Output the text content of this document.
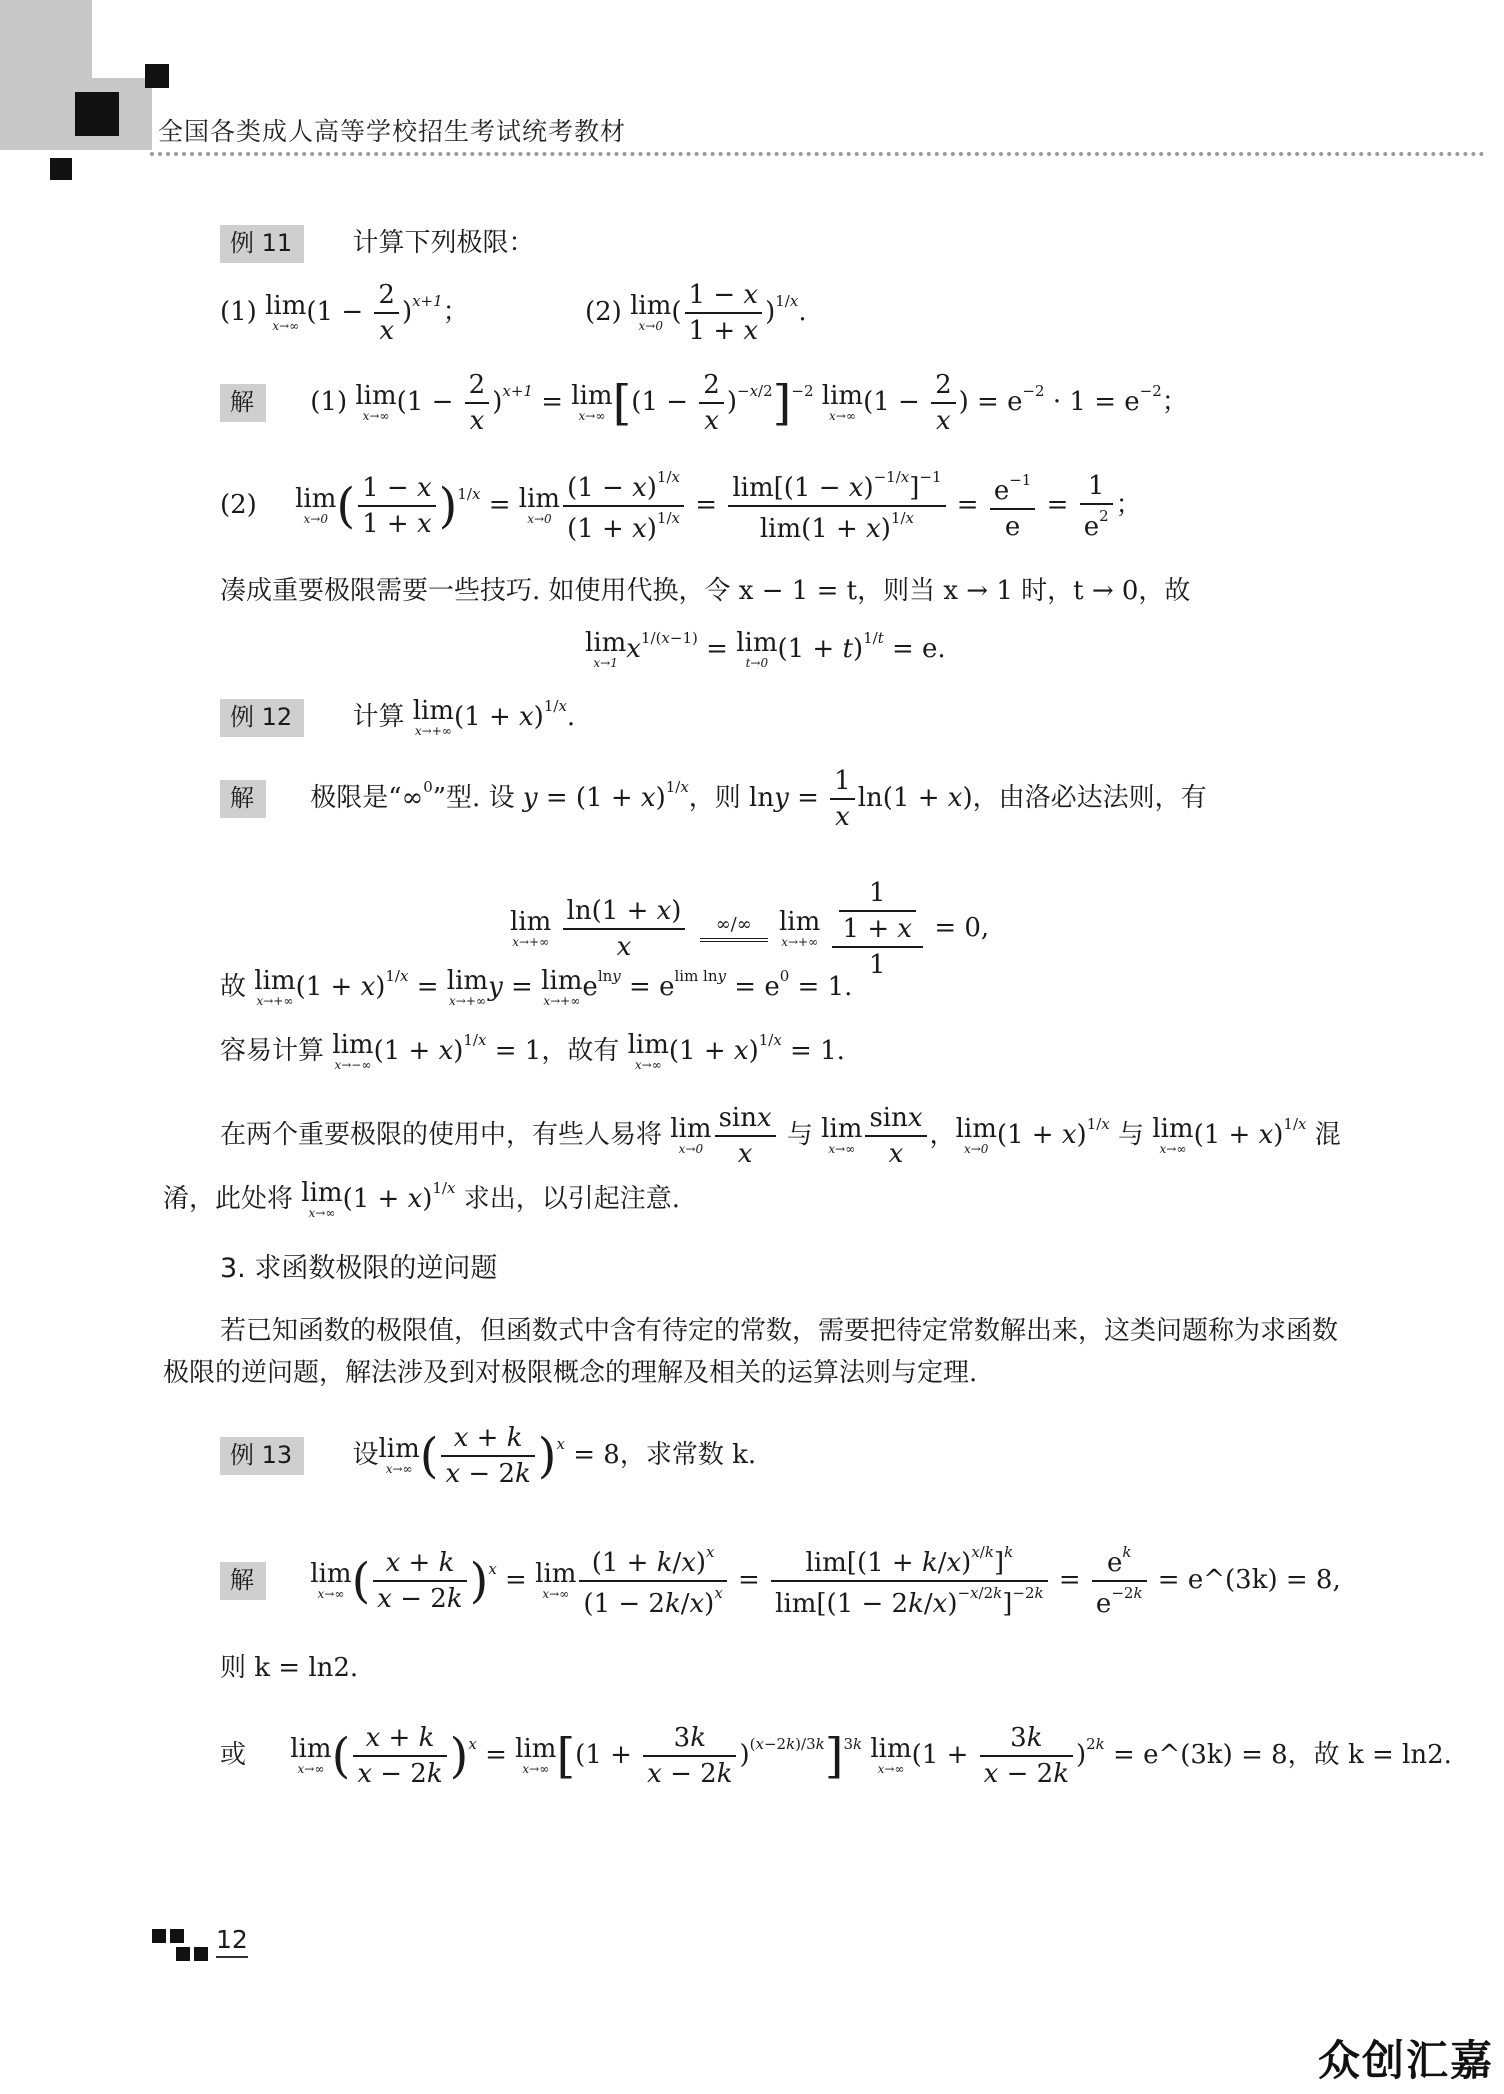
全国各类成人高等学校招生考试统考教材
例 11 计算下列极限：
(1) lim
x→∞ $(1 - \frac{2}{x} )^{x+1}$；	(2) lim
x→0 ( $\frac{1 - x}{1 + x} )^{1/x}$.
解 (1) lim
x→∞ $(1 - \frac{2}{x} )^{x+1} = \lim$
x→∞ $[(1 - \frac{2}{x} )^{-x/2}]^{-2}$ lim
x→∞ ($1 - \frac{2}{x}$ ) = $e^{-2} \cdot 1 = e^{-2}$；
(2) lim
x→0 ( $\frac{1 - x}{1 + x} )^{1/x} = \lim$
$x\to 0 \frac{(1 - x)^{1/x}}{(1 + x)^{1/x}} = \frac{\lim[(1 - x)^{-1/x}]^{-1}}{\lim(1 + x)^{1/x}} = \frac{e^{-1}}{e} = \frac{1}{e^2}$ ；
凑成重要极限需要一些技巧. 如使用代换，令 x − 1 = t，则当 x → 1 时，t → 0，故
lim
x→1 $x^{1/(x-1)} = \lim$
t→0 $(1 + t)^{1/t} = e$.
例 12 计算 lim
x→+∞ $(1 + x)^{1/x}$.
解 极限是“∞$^0$”型. 设 $y = (1 + x)^{1/x}$，则 $\ln y = \frac{1}{x} \ln(1 + x)$，由洛必达法则，有
lim
x→+∞
$\frac{\ln(1 + x)}{x}$
	∞/∞	lim
x→+∞
$\frac{\frac{1}{1 + x}}{1} = 0$,
故 lim
x→+∞ $(1 + x)^{1/x} = \lim$
x→+∞ y = lim
x→+∞ $e^{lny} = e^{lim lny} = e^0 = 1$.
容易计算 lim
x→−∞ $(1 + x)^{1/x} = 1$，故有 lim
x→∞ $(1 + x)^{1/x} = 1$.
在两个重要极限的使用中，有些人易将 lim
$x\to 0 \frac{\sin x}{x}$ 与 lim
$x\to\infty \frac{\sin x}{x}$ ，lim
x→0 $(1 + x)^{1/x}$ 与 lim
x→∞ $(1 + x)^{1/x}$ 混
淆，此处将 lim
x→∞ $(1 + x)^{1/x}$ 求出，以引起注意.
3. 求函数极限的逆问题
若已知函数的极限值，但函数式中含有待定的常数，需要把待定常数解出来，这类问题称为求函数极限的逆问题，解法涉及到对极限概念的理解及相关的运算法则与定理.
例 13 设lim
x→∞ ( $\frac{x + k}{x - 2k} )^x = 8$，求常数 k.
解 lim
x→∞ ( $\frac{x + k}{x - 2k} )^x = \lim$
$x\to\infty \frac{(1 + k/x)^x}{(1 - 2k/x)^x} = \frac{\lim[(1 + k/x)^{x/k}]^k}{\lim[(1 - 2k/x)^{-x/2k}]^{-2k}} = \frac{e^k}{e^{-2k}}$ = e^(3k) = 8,
则 k = ln2.
或 lim
x→∞ ( $\frac{x + k}{x - 2k} )^x = \lim$
x→∞ $[(1 + \frac{3k}{x - 2k} )^{(x-2k)/3k}]^{3k}$ lim
x→∞ $(1 + \frac{3k}{x - 2k} )^{2k}$ = e^(3k) = 8，故 k = ln2.
12
众创汇嘉
